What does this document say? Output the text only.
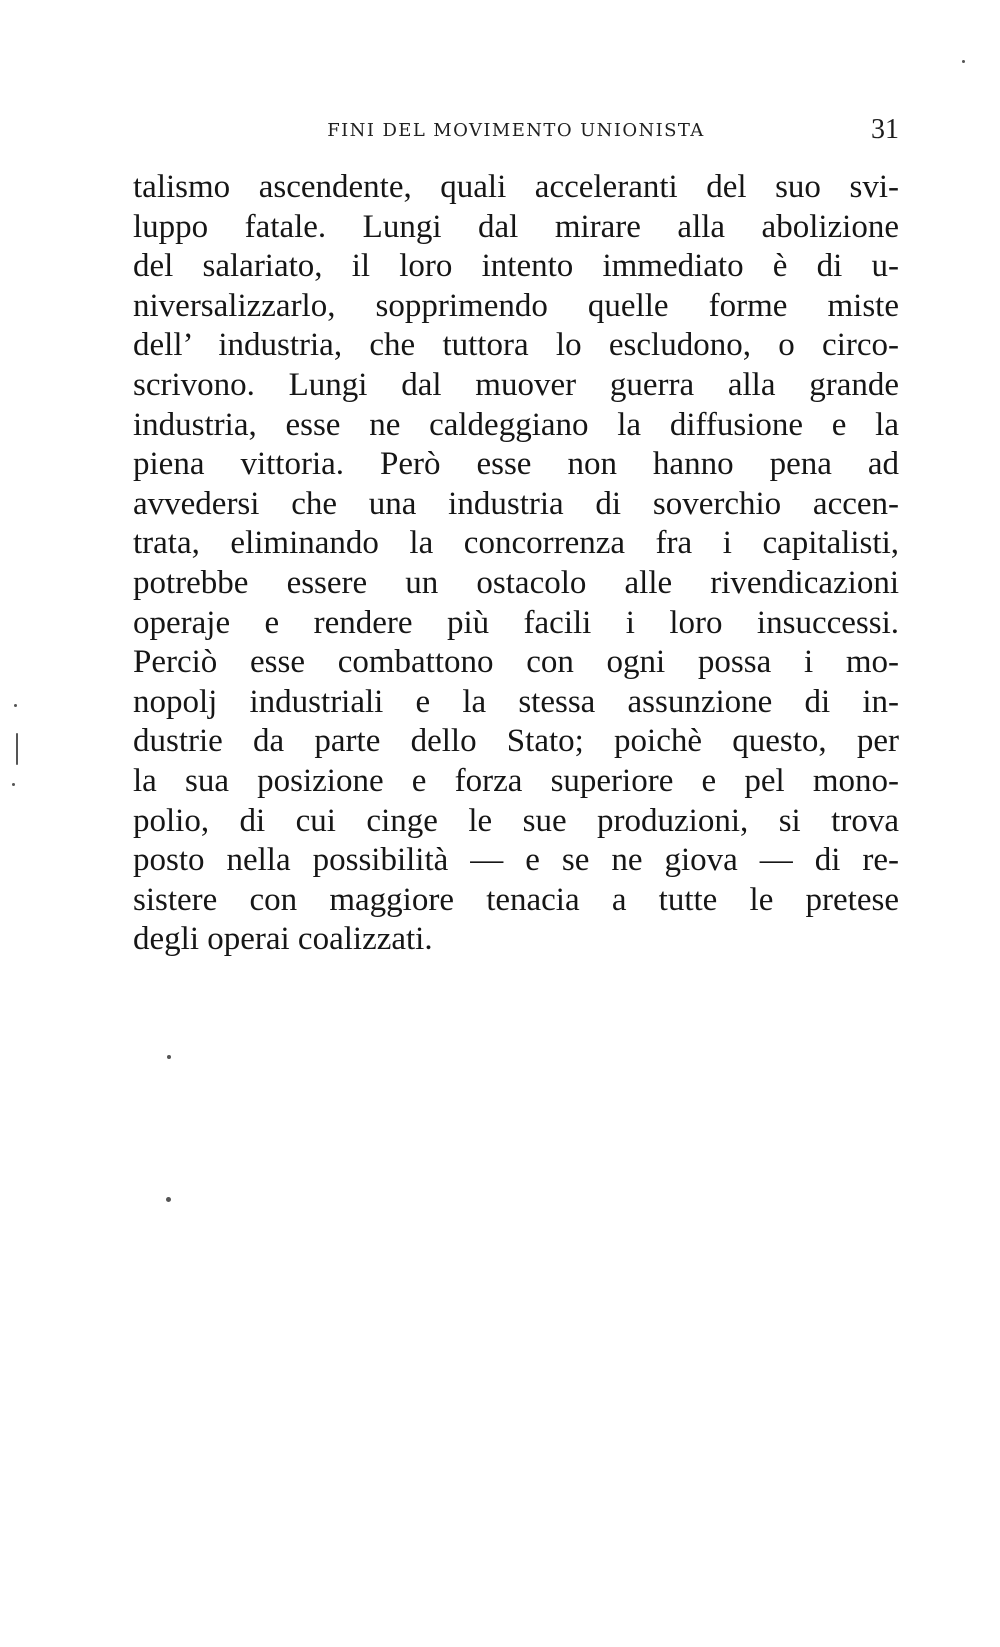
FINI DEL MOVIMENTO UNIONISTA	31
talismo ascendente, quali acceleranti del suo svi-
luppo fatale. Lungi dal mirare alla abolizione
del salariato, il loro intento immediato è di u-
niversalizzarlo, sopprimendo quelle forme miste
dell’ industria, che tuttora lo escludono, o circo-
scrivono. Lungi dal muover guerra alla grande
industria, esse ne caldeggiano la diffusione e la
piena vittoria. Però esse non hanno pena ad
avvedersi che una industria di soverchio accen-
trata, eliminando la concorrenza fra i capitalisti,
potrebbe essere un ostacolo alle rivendicazioni
operaje e rendere più facili i loro insuccessi.
Perciò esse combattono con ogni possa i mo-
nopolj industriali e la stessa assunzione di in-
dustrie da parte dello Stato; poichè questo, per
la sua posizione e forza superiore e pel mono-
polio, di cui cinge le sue produzioni, si trova
posto nella possibilità — e se ne giova — di re-
sistere con maggiore tenacia a tutte le pretese
degli operai coalizzati.
